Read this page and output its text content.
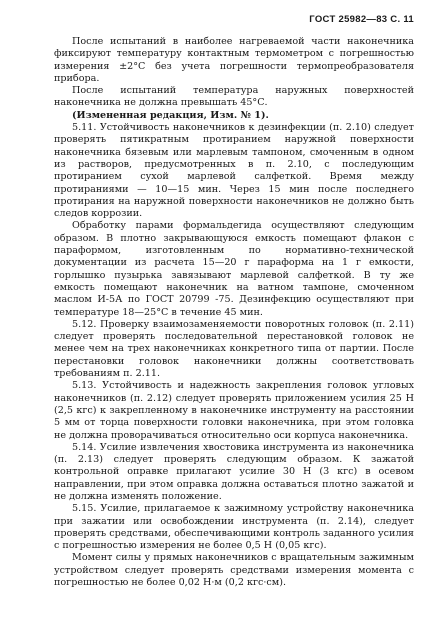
ГОСТ 25982—83 С. 11

После испытаний в наиболее нагреваемой части наконечника фиксируют температуру контактным термометром с погрешностью измерения ±2°С без учета погрешности термопреобразователя прибора.

После испытаний температура наружных поверхностей наконечника не должна превышать 45°С.

(Измененная редакция, Изм. № 1).

5.11. Устойчивость наконечников к дезинфекции (п. 2.10) следует проверять пятикратным протиранием наружной поверхности наконечника бязевым или марлевым тампоном, смоченным в одном из растворов, предусмотренных в п. 2.10, с последующим протиранием сухой марлевой салфеткой. Время между протираниями — 10—15 мин. Через 15 мин после последнего протирания на наружной поверхности наконечников не должно быть следов коррозии.

Обработку парами формальдегида осуществляют следующим образом. В плотно закрывающуюся емкость помещают флакон с параформом, изготовленным по нормативно-технической документации из расчета 15—20 г параформа на 1 г емкости, горлышко пузырька завязывают марлевой салфеткой. В ту же емкость помещают наконечник на ватном тампоне, смоченном маслом И-5А по ГОСТ 20799 -75. Дезинфекцию осуществляют при температуре 18—25°С в течение 45 мин.

5.12. Проверку взаимозаменяемости поворотных головок (п. 2.11) следует проверять последовательной перестановкой головок не менее чем на трех наконечниках конкретного типа от партии. После перестановки головок наконечники должны соответствовать требованиям п. 2.11.

5.13. Устойчивость и надежность закрепления головок угловых наконечников (п. 2.12) следует проверять приложением усилия 25 Н (2,5 кгс) к закрепленному в наконечнике инструменту на расстоянии 5 мм от торца поверхности головки наконечника, при этом головка не должна проворачиваться относительно оси корпуса наконечника.

5.14. Усилие извлечения хвостовика инструмента из наконечника (п. 2.13) следует проверять следующим образом. К зажатой контрольной оправке прилагают усилие 30 Н (3 кгс) в осевом направлении, при этом оправка должна оставаться плотно зажатой и не должна изменять положение.

5.15. Усилие, прилагаемое к зажимному устройству наконечника при зажатии или освобождении инструмента (п. 2.14), следует проверять средствами, обеспечивающими контроль заданного усилия с погрешностью измерения не более 0,5 Н (0,05 кгс).

Момент силы у прямых наконечников с вращательным зажимным устройством следует проверять средствами измерения момента с погрешностью не более 0,02 Н·м (0,2 кгс·см).
